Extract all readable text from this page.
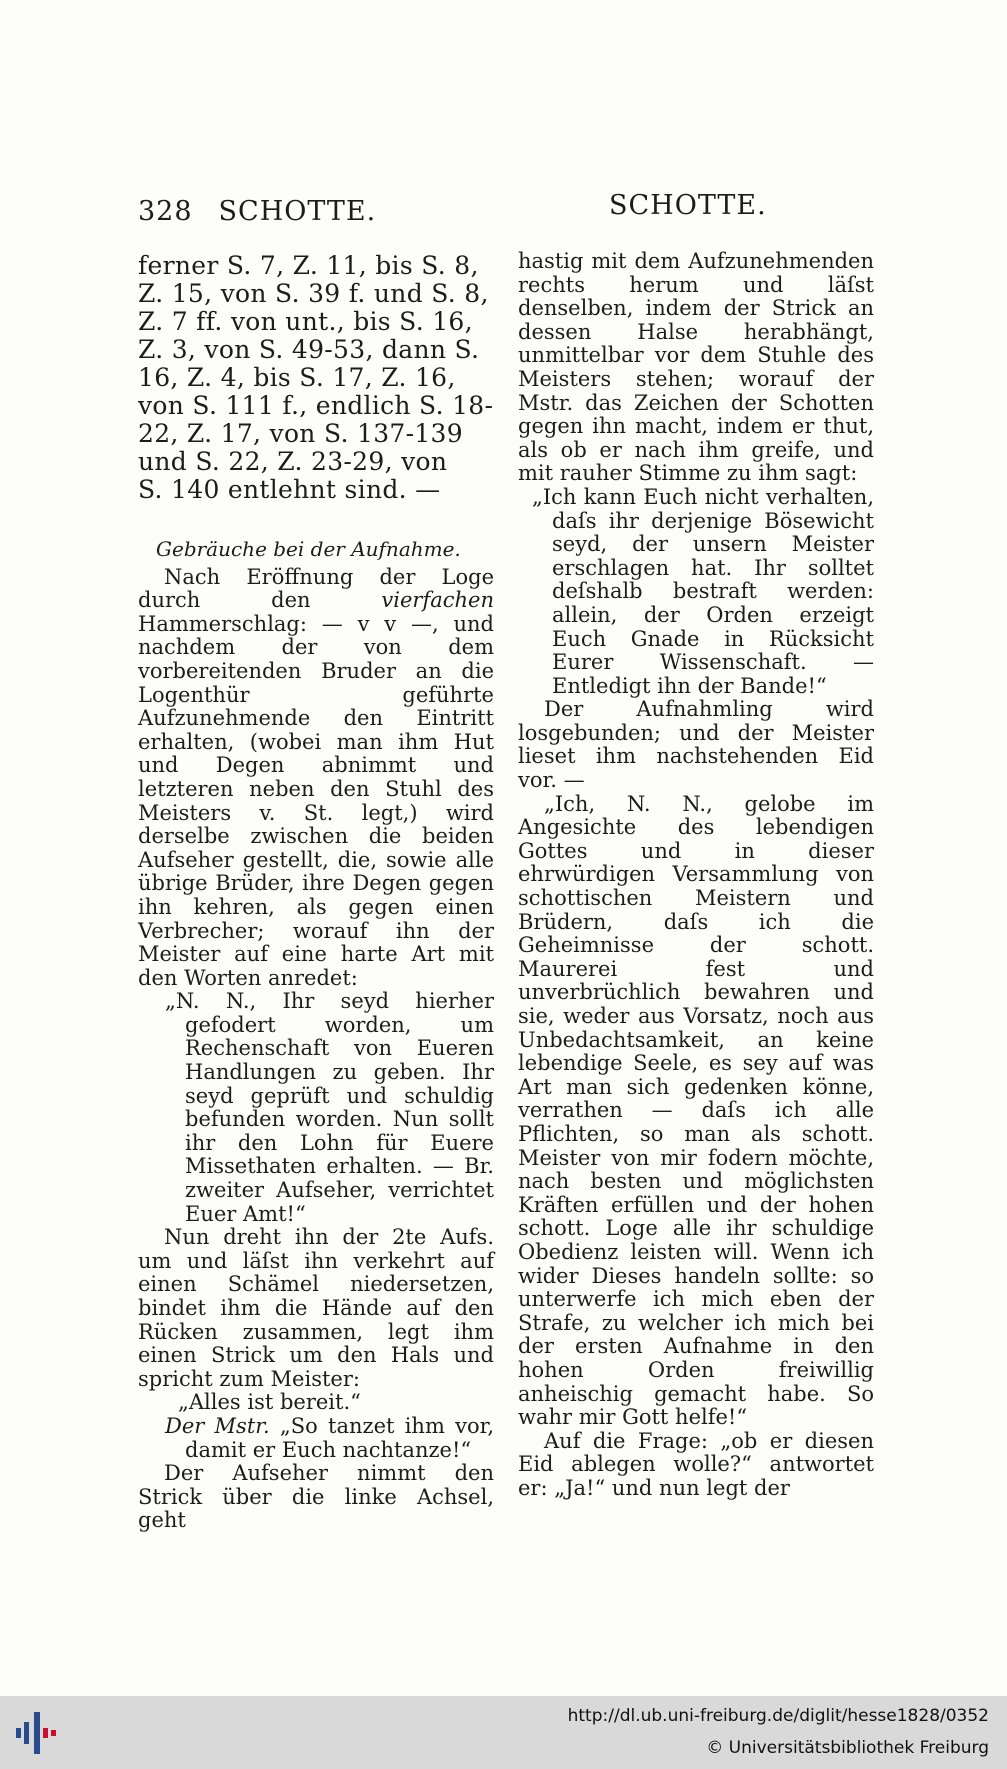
328 SCHOTTE.	SCHOTTE.

ferner S. 7, Z. 11, bis S. 8,
Z. 15, von S. 39 f. und S. 8,
Z. 7 ff. von unt., bis S. 16,
Z. 3, von S. 49-53, dann S.
16, Z. 4, bis S. 17, Z. 16,
von S. 111 f., endlich S. 18-
22, Z. 17, von S. 137-139
und S. 22, Z. 23-29, von
S. 140 entlehnt sind. —

Gebräuche bei der Aufnahme.

Nach Eröffnung der Loge durch den vierfachen Hammerschlag: — v v —, und nachdem der von dem vorbereitenden Bruder an die Logenthür geführte Aufzunehmende den Eintritt erhalten, (wobei man ihm Hut und Degen abnimmt und letzteren neben den Stuhl des Meisters v. St. legt,) wird derselbe zwischen die beiden Aufseher gestellt, die, sowie alle übrige Brüder, ihre Degen gegen ihn kehren, als gegen einen Verbrecher; worauf ihn der Meister auf eine harte Art mit den Worten anredet:

„N. N., Ihr seyd hierher gefodert worden, um Rechenschaft von Eueren Handlungen zu geben. Ihr seyd geprüft und schuldig befunden worden. Nun sollt ihr den Lohn für Euere Missethaten erhalten. — Br. zweiter Aufseher, verrichtet Euer Amt!“

Nun dreht ihn der 2te Aufs. um und läſst ihn verkehrt auf einen Schämel niedersetzen, bindet ihm die Hände auf den Rücken zusammen, legt ihm einen Strick um den Hals und spricht zum Meister:

„Alles ist bereit.“

Der Mstr. „So tanzet ihm vor, damit er Euch nachtanze!“

Der Aufseher nimmt den Strick über die linke Achsel, geht

hastig mit dem Aufzunehmenden rechts herum und läſst denselben, indem der Strick an dessen Halse herabhängt, unmittelbar vor dem Stuhle des Meisters stehen; worauf der Mstr. das Zeichen der Schotten gegen ihn macht, indem er thut, als ob er nach ihm greife, und mit rauher Stimme zu ihm sagt:

„Ich kann Euch nicht verhalten, daſs ihr derjenige Bösewicht seyd, der unsern Meister erschlagen hat. Ihr solltet deſshalb bestraft werden: allein, der Orden erzeigt Euch Gnade in Rücksicht Eurer Wissenschaft. — Entledigt ihn der Bande!“

Der Aufnahmling wird losgebunden; und der Meister lieset ihm nachstehenden Eid vor. —

„Ich, N. N., gelobe im Angesichte des lebendigen Gottes und in dieser ehrwürdigen Versammlung von schottischen Meistern und Brüdern, daſs ich die Geheimnisse der schott. Maurerei fest und unverbrüchlich bewahren und sie, weder aus Vorsatz, noch aus Unbedachtsamkeit, an keine lebendige Seele, es sey auf was Art man sich gedenken könne, verrathen — daſs ich alle Pflichten, so man als schott. Meister von mir fodern möchte, nach besten und möglichsten Kräften erfüllen und der hohen schott. Loge alle ihr schuldige Obedienz leisten will. Wenn ich wider Dieses handeln sollte: so unterwerfe ich mich eben der Strafe, zu welcher ich mich bei der ersten Aufnahme in den hohen Orden freiwillig anheischig gemacht habe. So wahr mir Gott helfe!“

Auf die Frage: „ob er diesen Eid ablegen wolle?“ antwortet er: „Ja!“ und nun legt der

http://dl.ub.uni-freiburg.de/diglit/hesse1828/0352
© Universitätsbibliothek Freiburg
